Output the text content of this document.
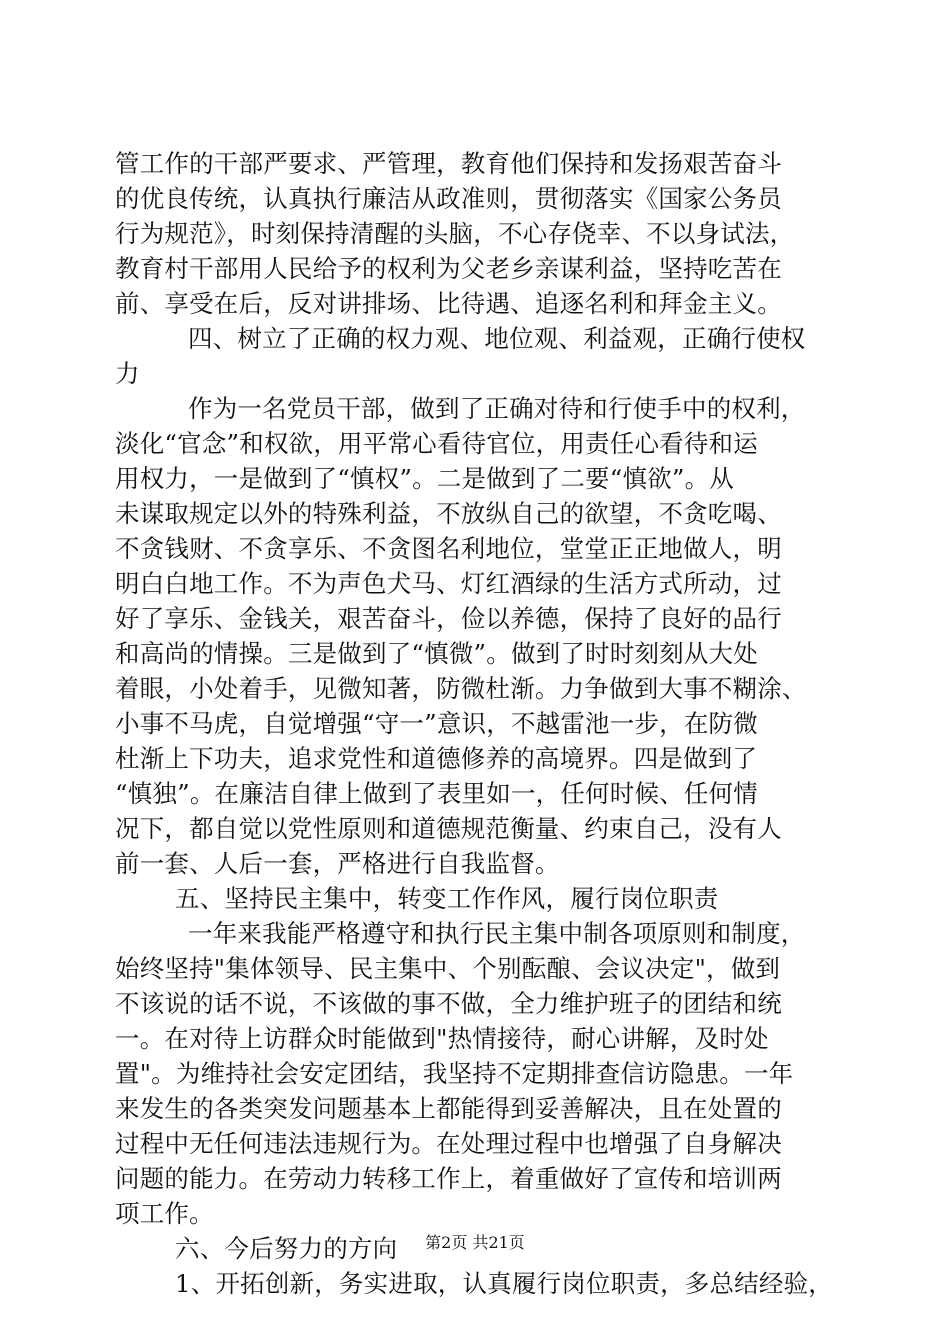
管工作的干部严要求、严管理，教育他们保持和发扬艰苦奋斗
的优良传统，认真执行廉洁从政准则，贯彻落实《国家公务员
行为规范》，时刻保持清醒的头脑，不心存侥幸、不以身试法，
教育村干部用人民给予的权利为父老乡亲谋利益，坚持吃苦在
前、享受在后，反对讲排场、比待遇、追逐名利和拜金主义。
四、树立了正确的权力观、地位观、利益观，正确行使权
力
作为一名党员干部，做到了正确对待和行使手中的权利，
淡化“官念”和权欲，用平常心看待官位，用责任心看待和运
用权力，一是做到了“慎权”。二是做到了二要“慎欲”。从
未谋取规定以外的特殊利益，不放纵自己的欲望，不贪吃喝、
不贪钱财、不贪享乐、不贪图名利地位，堂堂正正地做人，明
明白白地工作。不为声色犬马、灯红酒绿的生活方式所动，过
好了享乐、金钱关，艰苦奋斗，俭以养德，保持了良好的品行
和高尚的情操。三是做到了“慎微”。做到了时时刻刻从大处
着眼，小处着手，见微知著，防微杜渐。力争做到大事不糊涂、
小事不马虎，自觉增强“守一”意识，不越雷池一步，在防微
杜渐上下功夫，追求党性和道德修养的高境界。四是做到了
“慎独”。在廉洁自律上做到了表里如一，任何时候、任何情
况下，都自觉以党性原则和道德规范衡量、约束自己，没有人
前一套、人后一套，严格进行自我监督。
五、坚持民主集中，转变工作作风，履行岗位职责
一年来我能严格遵守和执行民主集中制各项原则和制度，
始终坚持"集体领导、民主集中、个别酝酿、会议决定"，做到
不该说的话不说，不该做的事不做，全力维护班子的团结和统
一。在对待上访群众时能做到"热情接待，耐心讲解，及时处
置"。为维持社会安定团结，我坚持不定期排查信访隐患。一年
来发生的各类突发问题基本上都能得到妥善解决，且在处置的
过程中无任何违法违规行为。在处理过程中也增强了自身解决
问题的能力。在劳动力转移工作上，着重做好了宣传和培训两
项工作。
六、今后努力的方向
1、开拓创新，务实进取，认真履行岗位职责，多总结经验，
第2页 共21页
